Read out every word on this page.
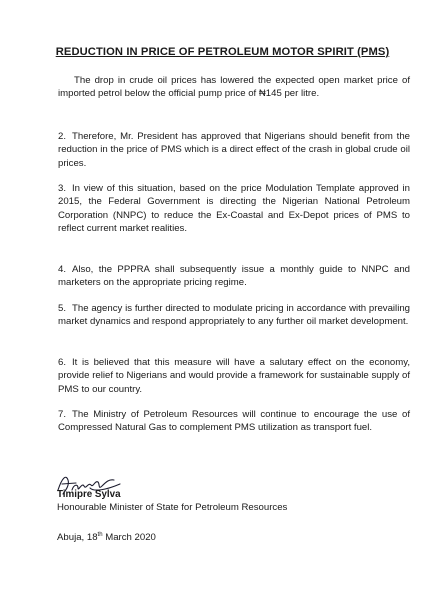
REDUCTION IN PRICE OF PETROLEUM MOTOR SPIRIT (PMS)

The drop in crude oil prices has lowered the expected open market price of imported petrol below the official pump price of ₦145 per litre.

2. Therefore, Mr. President has approved that Nigerians should benefit from the reduction in the price of PMS which is a direct effect of the crash in global crude oil prices.

3. In view of this situation, based on the price Modulation Template approved in 2015, the Federal Government is directing the Nigerian National Petroleum Corporation (NNPC) to reduce the Ex-Coastal and Ex-Depot prices of PMS to reflect current market realities.

4. Also, the PPPRA shall subsequently issue a monthly guide to NNPC and marketers on the appropriate pricing regime.

5. The agency is further directed to modulate pricing in accordance with prevailing market dynamics and respond appropriately to any further oil market development.

6. It is believed that this measure will have a salutary effect on the economy, provide relief to Nigerians and would provide a framework for sustainable supply of PMS to our country.

7. The Ministry of Petroleum Resources will continue to encourage the use of Compressed Natural Gas to complement PMS utilization as transport fuel.

Timipre Sylva

Honourable Minister of State for Petroleum Resources

Abuja, 18th March 2020
